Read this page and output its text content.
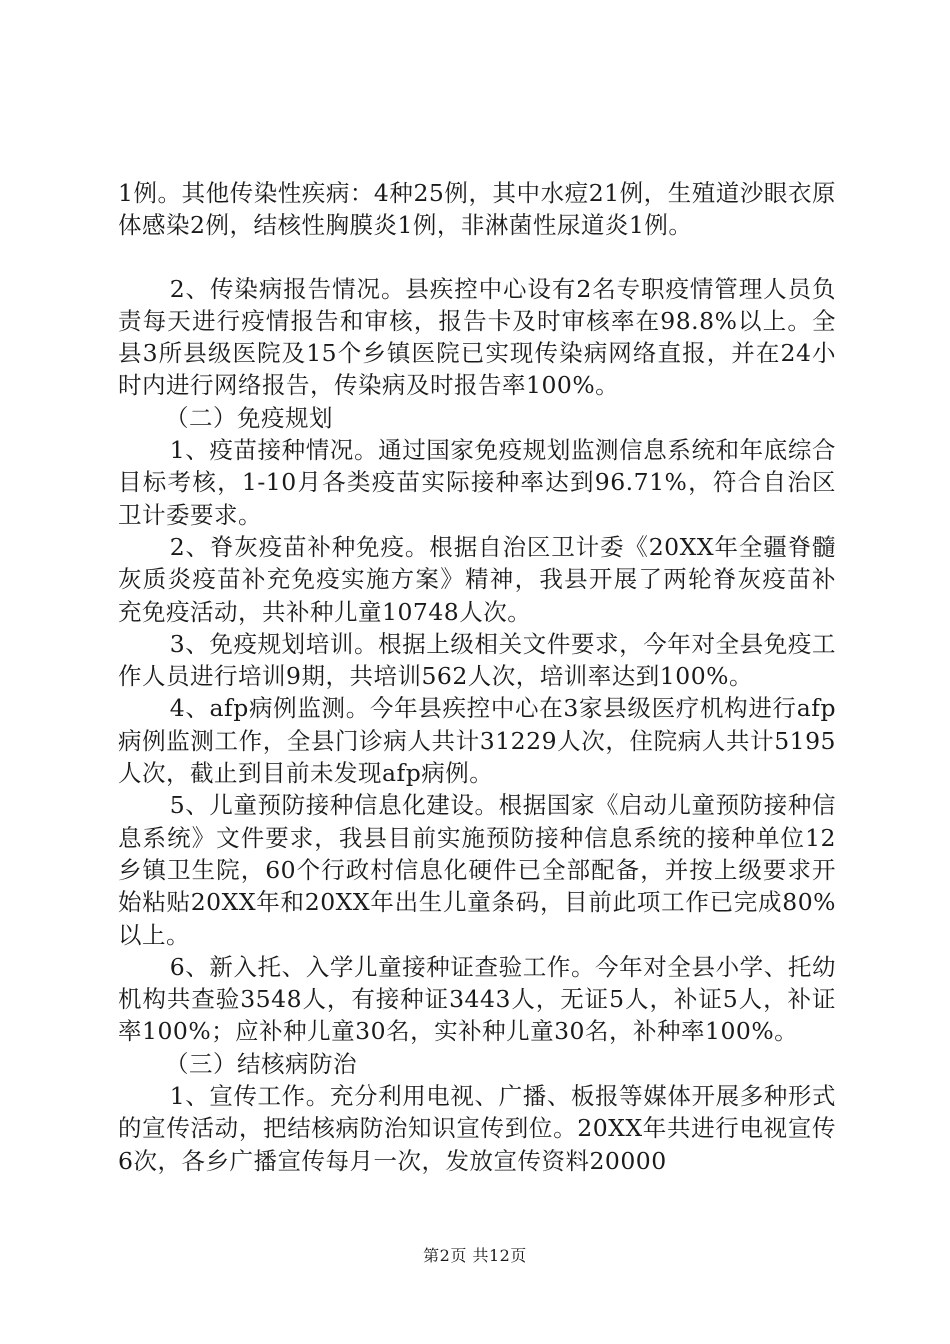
1例。其他传染性疾病：4种25例，其中水痘21例，生殖道沙眼衣原体感染2例，结核性胸膜炎1例，非淋菌性尿道炎1例。

2、传染病报告情况。县疾控中心设有2名专职疫情管理人员负责每天进行疫情报告和审核，报告卡及时审核率在98.8%以上。全县3所县级医院及15个乡镇医院已实现传染病网络直报，并在24小时内进行网络报告，传染病及时报告率100%。

（二）免疫规划

1、疫苗接种情况。通过国家免疫规划监测信息系统和年底综合目标考核，1-10月各类疫苗实际接种率达到96.71%，符合自治区卫计委要求。

2、脊灰疫苗补种免疫。根据自治区卫计委《20XX年全疆脊髓灰质炎疫苗补充免疫实施方案》精神，我县开展了两轮脊灰疫苗补充免疫活动，共补种儿童10748人次。

3、免疫规划培训。根据上级相关文件要求，今年对全县免疫工作人员进行培训9期，共培训562人次，培训率达到100%。

4、afp病例监测。今年县疾控中心在3家县级医疗机构进行afp病例监测工作，全县门诊病人共计31229人次，住院病人共计5195人次，截止到目前未发现afp病例。

5、儿童预防接种信息化建设。根据国家《启动儿童预防接种信息系统》文件要求，我县目前实施预防接种信息系统的接种单位12乡镇卫生院，60个行政村信息化硬件已全部配备，并按上级要求开始粘贴20XX年和20XX年出生儿童条码，目前此项工作已完成80%以上。

6、新入托、入学儿童接种证查验工作。今年对全县小学、托幼机构共查验3548人，有接种证3443人，无证5人，补证5人，补证率100%；应补种儿童30名，实补种儿童30名，补种率100%。

（三）结核病防治

1、宣传工作。充分利用电视、广播、板报等媒体开展多种形式的宣传活动，把结核病防治知识宣传到位。20XX年共进行电视宣传6次，各乡广播宣传每月一次，发放宣传资料20000

第2页 共12页
